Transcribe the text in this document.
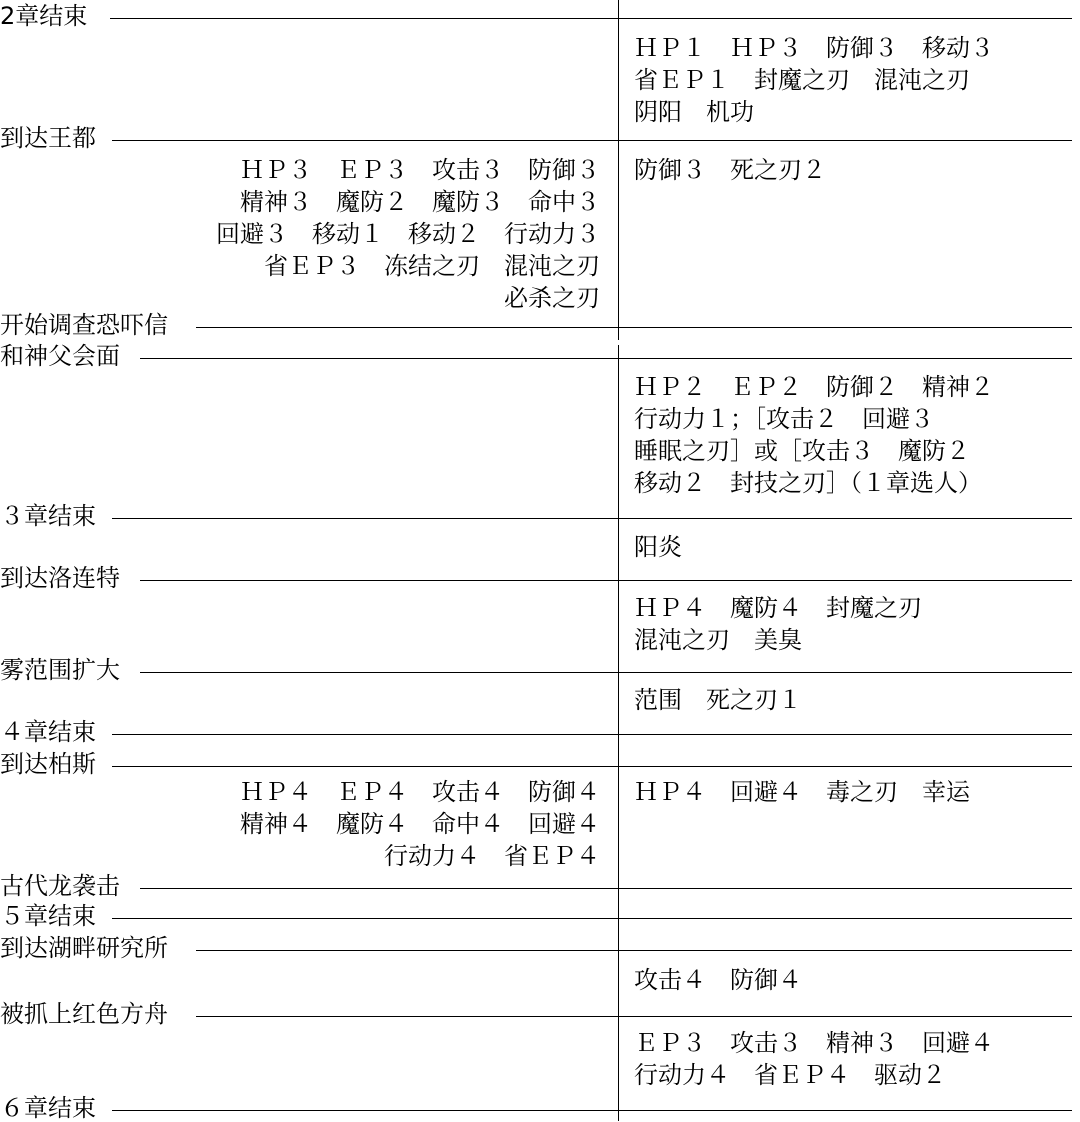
2章结束
ＨＰ１　ＨＰ３　防御３　移动３
省ＥＰ１　封魔之刃　混沌之刃
阴阳　机功
到达王都
防御３　死之刃２
ＨＰ３　ＥＰ３　攻击３　防御３
精神３　魔防２　魔防３　命中３
回避３　移动１　移动２　行动力３
省ＥＰ３　冻结之刃　混沌之刃
必杀之刃
开始调查恐吓信
和神父会面
ＨＰ２　ＥＰ２　防御２　精神２
行动力１；［攻击２　回避３
睡眠之刃］或［攻击３　魔防２
移动２　封技之刃］（１章选人）
３章结束
阳炎
到达洛连特
ＨＰ４　魔防４　封魔之刃
混沌之刃　美臭
雾范围扩大
范围　死之刃１
４章结束
到达柏斯
ＨＰ４　回避４　毒之刃　幸运
ＨＰ４　ＥＰ４　攻击４　防御４
精神４　魔防４　命中４　回避４
行动力４　省ＥＰ４
古代龙袭击
５章结束
到达湖畔研究所
攻击４　防御４
被抓上红色方舟
ＥＰ３　攻击３　精神３　回避４
行动力４　省ＥＰ４　驱动２
６章结束
